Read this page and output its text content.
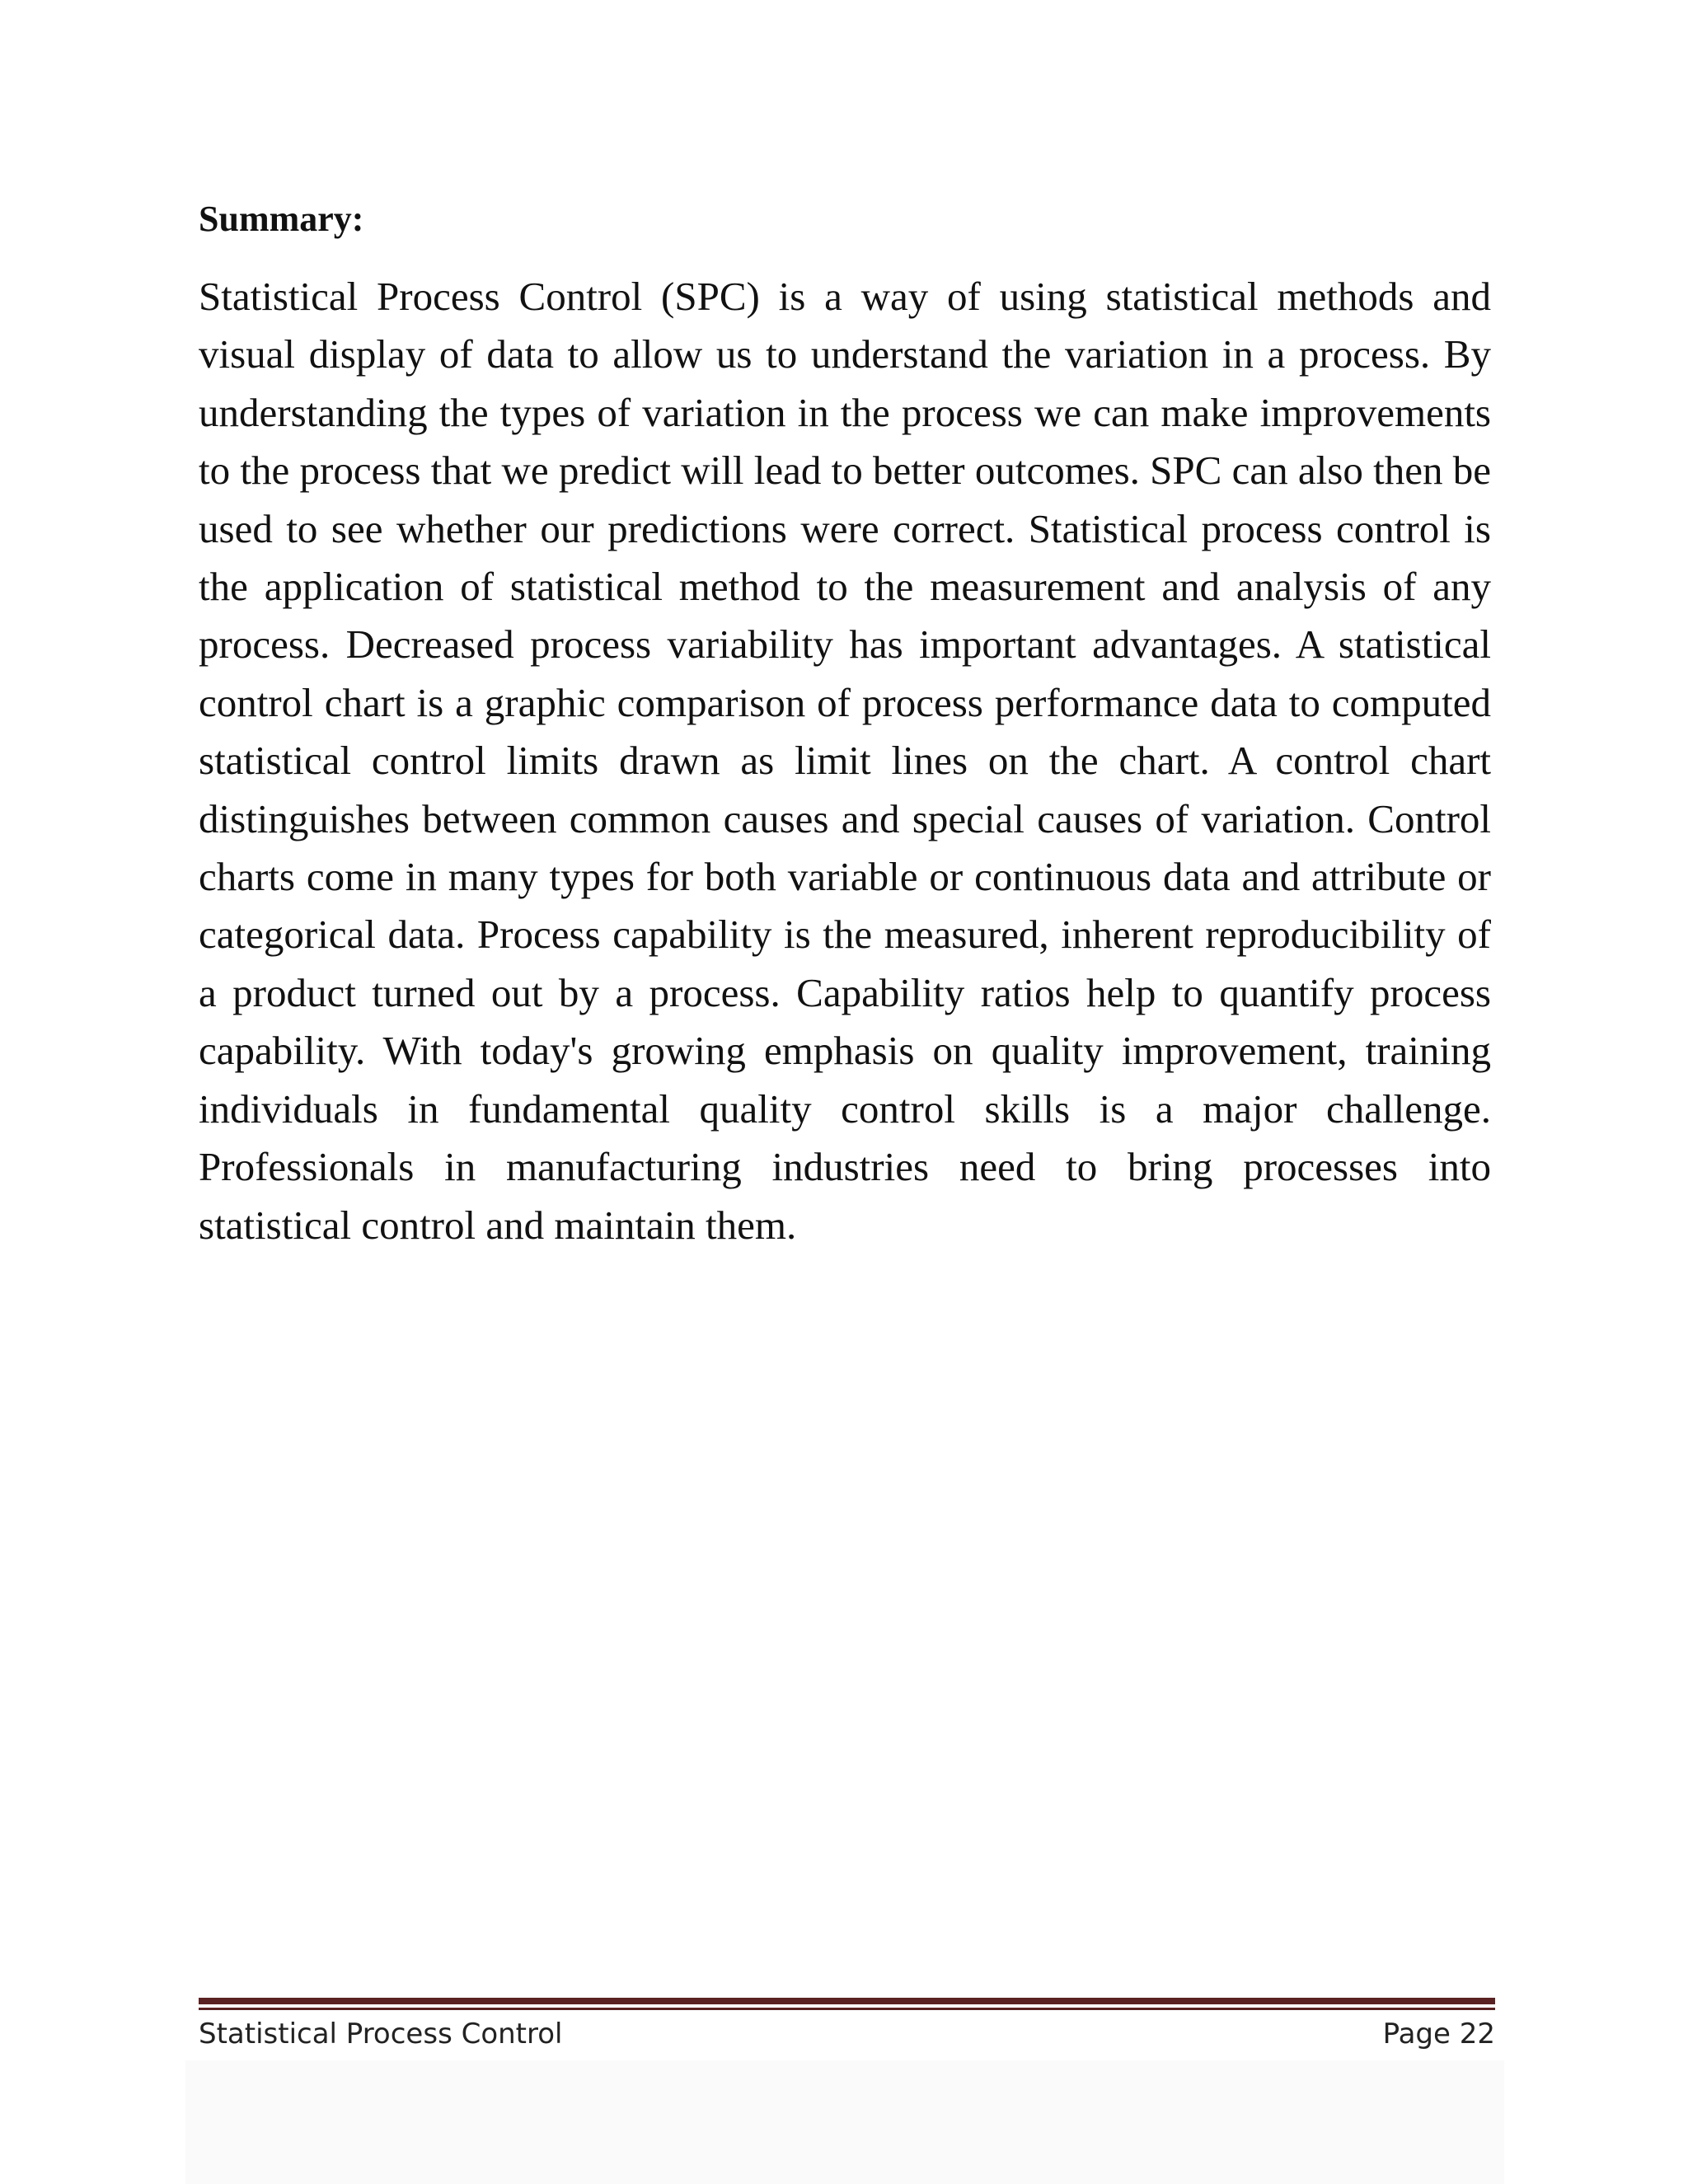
Summary:

Statistical Process Control (SPC) is a way of using statistical methods and visual display of data to allow us to understand the variation in a process. By understanding the types of variation in the process we can make improvements to the process that we predict will lead to better outcomes. SPC can also then be used to see whether our predictions were correct. Statistical process control is the application of statistical method to the measurement and analysis of any process. Decreased process variability has important advantages. A statistical control chart is a graphic comparison of process performance data to computed statistical control limits drawn as limit lines on the chart. A control chart distinguishes between common causes and special causes of variation. Control charts come in many types for both variable or continuous data and attribute or categorical data. Process capability is the measured, inherent reproducibility of a product turned out by a process. Capability ratios help to quantify process capability. With today's growing emphasis on quality improvement, training individuals in fundamental quality control skills is a major challenge. Professionals in manufacturing industries need to bring processes into statistical control and maintain them.

Statistical Process Control	Page 22
